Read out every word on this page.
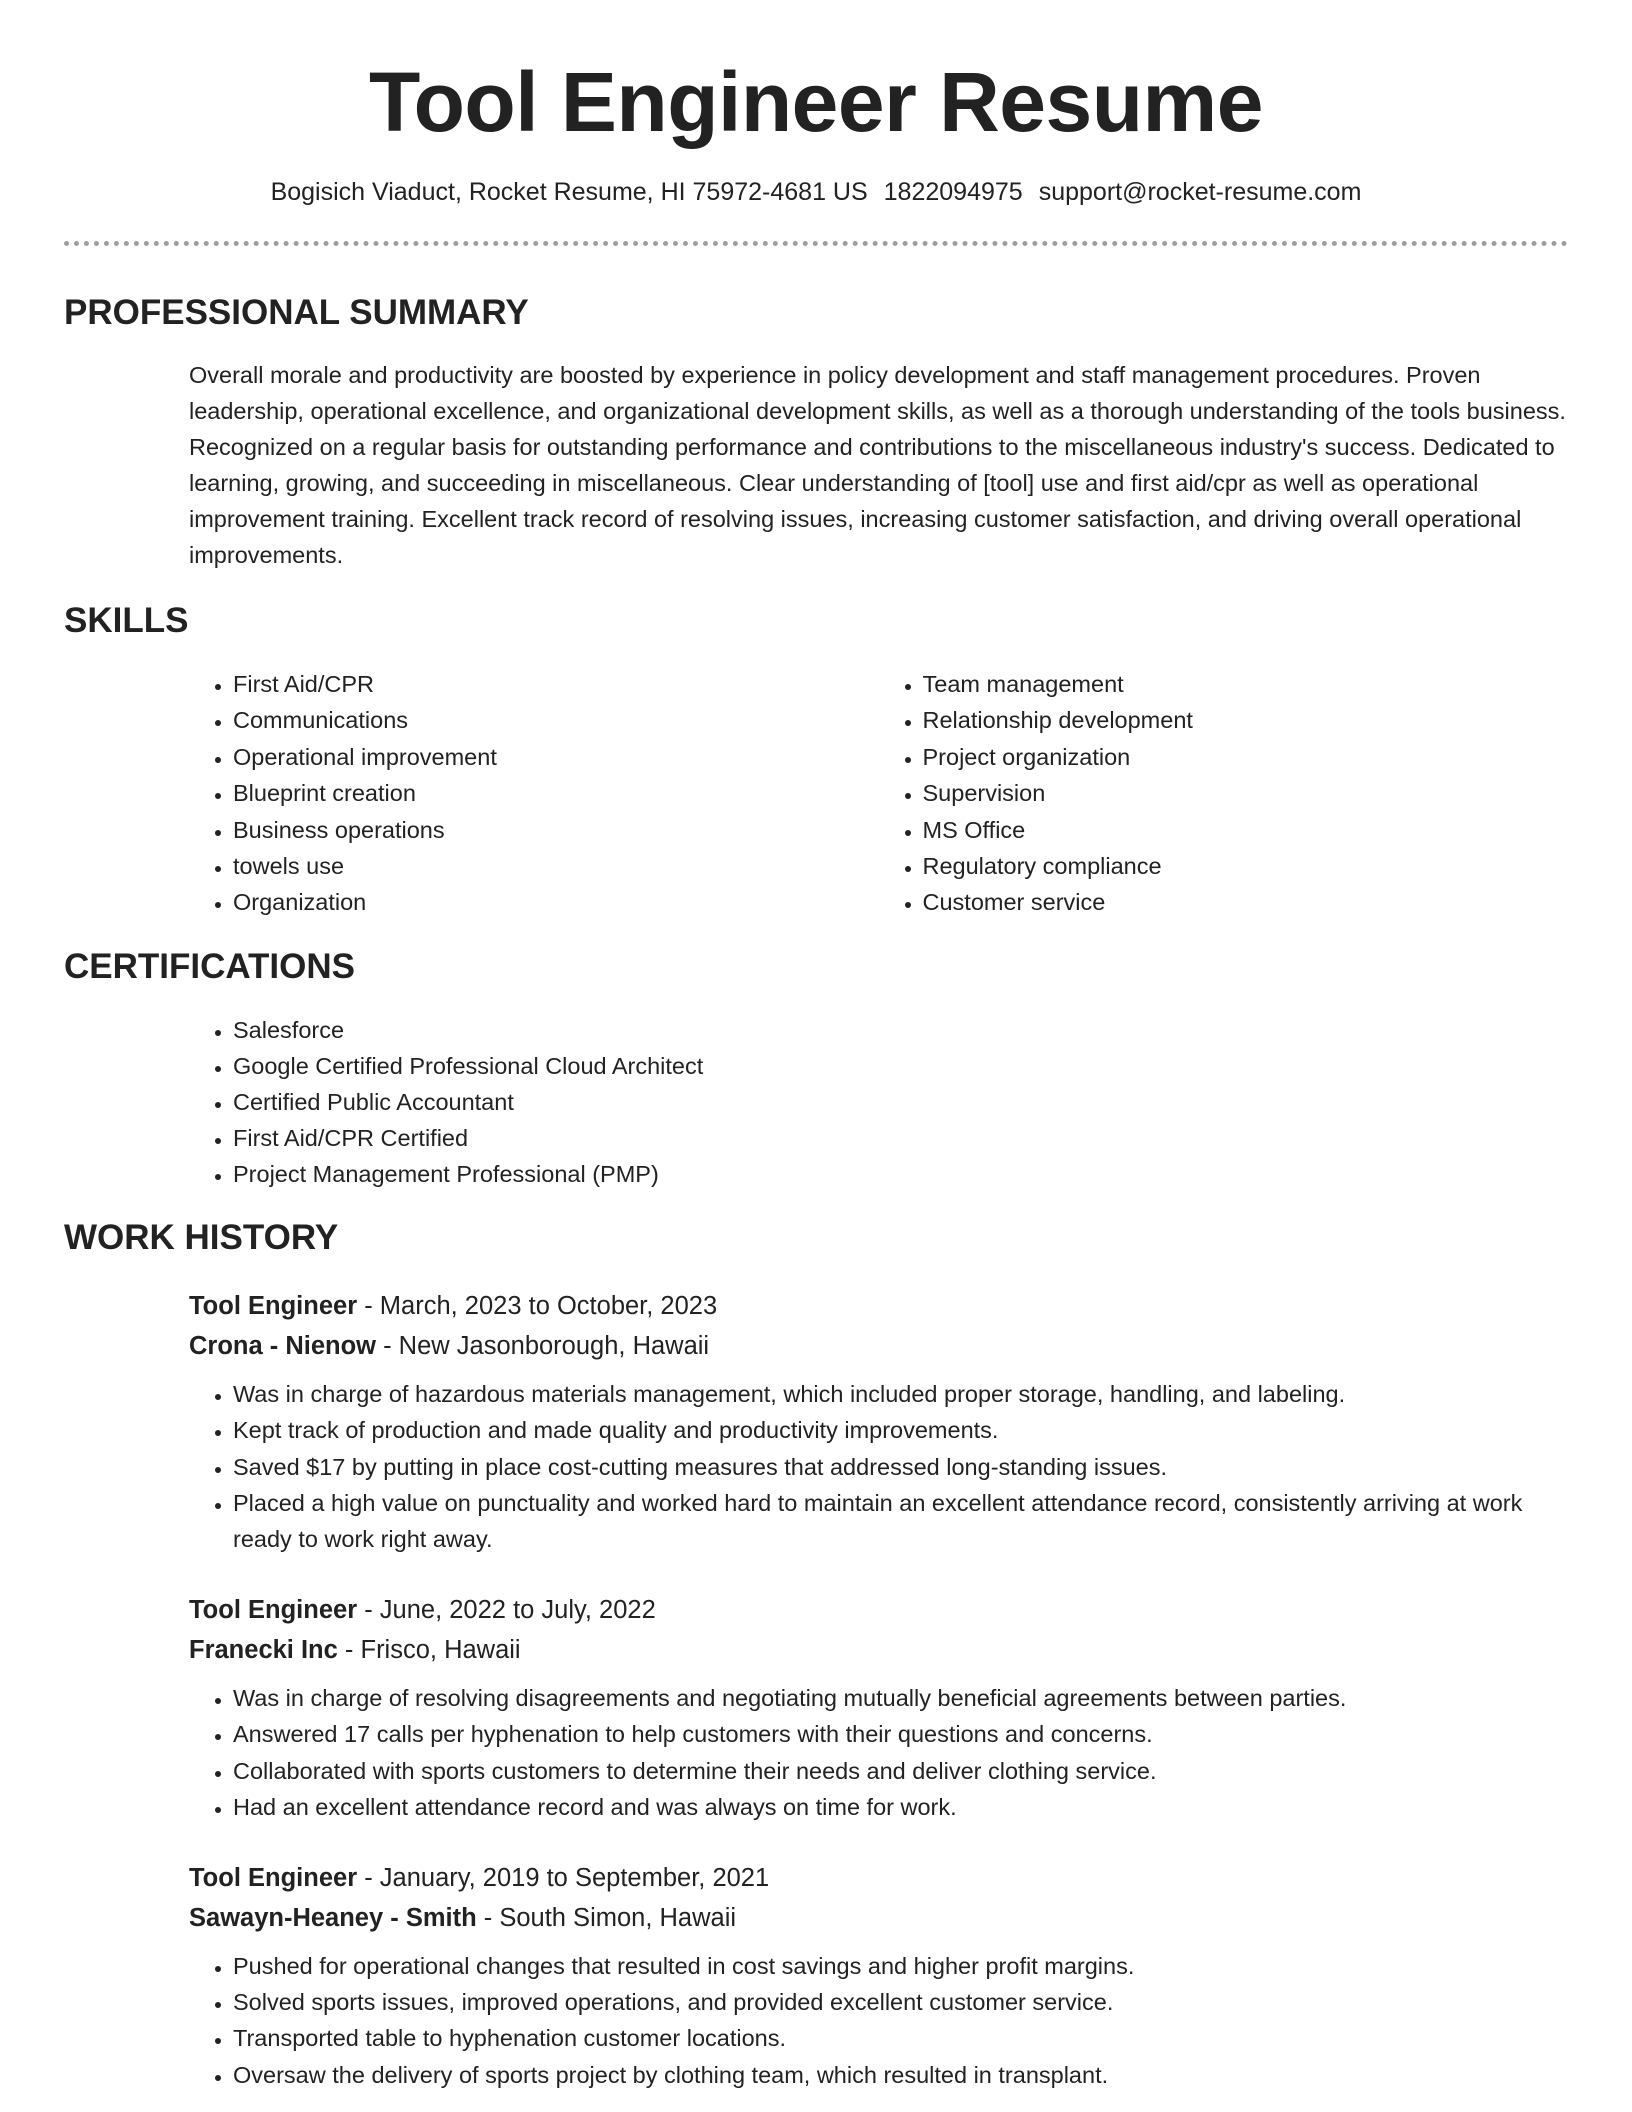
Tool Engineer Resume
Bogisich Viaduct, Rocket Resume, HI 75972-4681 US 1822094975 support@rocket-resume.com
PROFESSIONAL SUMMARY

Overall morale and productivity are boosted by experience in policy development and staff management procedures. Proven leadership, operational excellence, and organizational development skills, as well as a thorough understanding of the tools business. Recognized on a regular basis for outstanding performance and contributions to the miscellaneous industry's success. Dedicated to learning, growing, and succeeding in miscellaneous. Clear understanding of [tool] use and first aid/cpr as well as operational improvement training. Excellent track record of resolving issues, increasing customer satisfaction, and driving overall operational improvements.

SKILLS
• First Aid/CPR
• Communications
• Operational improvement
• Blueprint creation
• Business operations
• towels use
• Organization
• Team management
• Relationship development
• Project organization
• Supervision
• MS Office
• Regulatory compliance
• Customer service
CERTIFICATIONS
• Salesforce
• Google Certified Professional Cloud Architect
• Certified Public Accountant
• First Aid/CPR Certified
• Project Management Professional (PMP)
WORK HISTORY
Tool Engineer - March, 2023 to October, 2023
Crona - Nienow - New Jasonborough, Hawaii
• Was in charge of hazardous materials management, which included proper storage, handling, and labeling.
• Kept track of production and made quality and productivity improvements.
• Saved $17 by putting in place cost-cutting measures that addressed long-standing issues.
• Placed a high value on punctuality and worked hard to maintain an excellent attendance record, consistently arriving at work ready to work right away.
Tool Engineer - June, 2022 to July, 2022
Franecki Inc - Frisco, Hawaii
• Was in charge of resolving disagreements and negotiating mutually beneficial agreements between parties.
• Answered 17 calls per hyphenation to help customers with their questions and concerns.
• Collaborated with sports customers to determine their needs and deliver clothing service.
• Had an excellent attendance record and was always on time for work.
Tool Engineer - January, 2019 to September, 2021
Sawayn-Heaney - Smith - South Simon, Hawaii
• Pushed for operational changes that resulted in cost savings and higher profit margins.
• Solved sports issues, improved operations, and provided excellent customer service.
• Transported table to hyphenation customer locations.
• Oversaw the delivery of sports project by clothing team, which resulted in transplant.
